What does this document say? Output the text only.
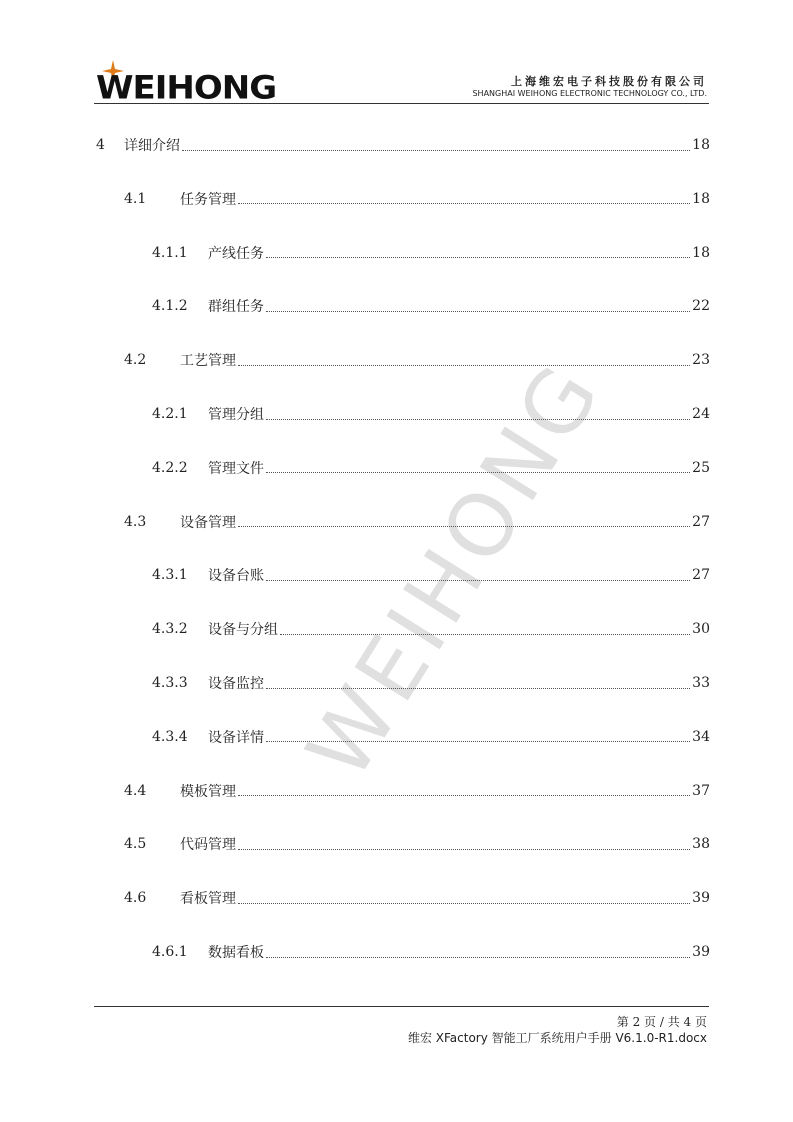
WEIHONG	上海维宏电子科技股份有限公司
SHANGHAI WEIHONG ELECTRONIC TECHNOLOGY CO., LTD.
WEIHONG
4	详细介绍	18
4.1	任务管理	18
4.1.1	产线任务	18
4.1.2	群组任务	22
4.2	工艺管理	23
4.2.1	管理分组	24
4.2.2	管理文件	25
4.3	设备管理	27
4.3.1	设备台账	27
4.3.2	设备与分组	30
4.3.3	设备监控	33
4.3.4	设备详情	34
4.4	模板管理	37
4.5	代码管理	38
4.6	看板管理	39
4.6.1	数据看板	39
第 2 页 / 共 4 页
维宏 XFactory 智能工厂系统用户手册 V6.1.0-R1.docx
